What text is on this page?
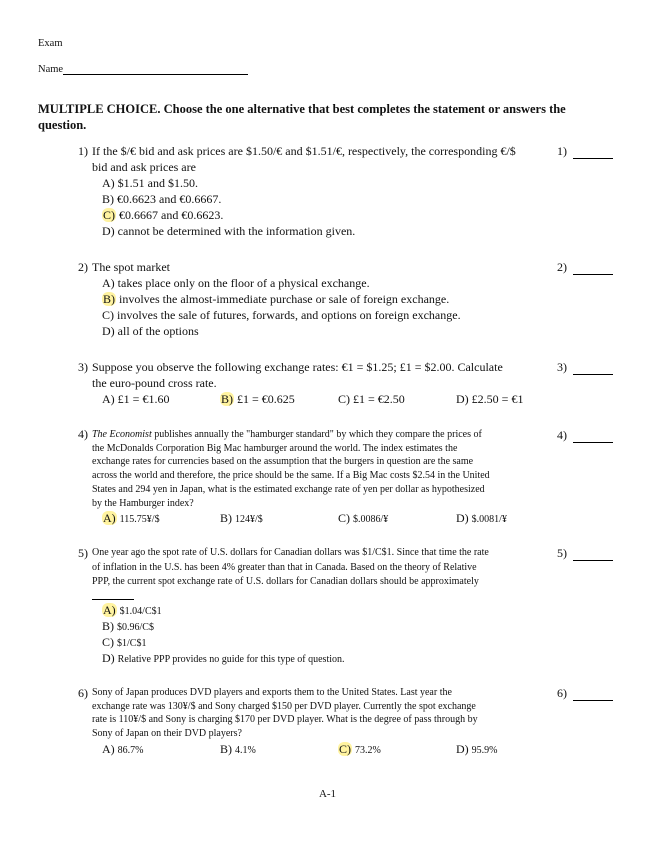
Exam
Name
MULTIPLE CHOICE. Choose the one alternative that best completes the statement or answers the question.
1) If the $/€ bid and ask prices are $1.50/€ and $1.51/€, respectively, the corresponding €/$
bid and ask prices are
1)
A) $1.51 and $1.50.
B) €0.6623 and €0.6667.
C) €0.6667 and €0.6623.
D) cannot be determined with the information given.
2) The spot market	2)
A) takes place only on the floor of a physical exchange.
B) involves the almost-immediate purchase or sale of foreign exchange.
C) involves the sale of futures, forwards, and options on foreign exchange.
D) all of the options
3) Suppose you observe the following exchange rates: €1 = $1.25; £1 = $2.00. Calculate
the euro-pound cross rate.
3)
A) £1 = €1.60	B) £1 = €0.625	C) £1 = €2.50	D) £2.50 = €1
4) The Economist publishes annually the "hamburger standard" by which they compare the prices of
the McDonalds Corporation Big Mac hamburger around the world. The index estimates the
exchange rates for currencies based on the assumption that the burgers in question are the same
across the world and therefore, the price should be the same. If a Big Mac costs $2.54 in the United
States and 294 yen in Japan, what is the estimated exchange rate of yen per dollar as hypothesized
by the Hamburger index?
4)
A) 115.75¥/$	B) 124¥/$	C) $.0086/¥	D) $.0081/¥
5) One year ago the spot rate of U.S. dollars for Canadian dollars was $1/C$1. Since that time the rate
of inflation in the U.S. has been 4% greater than that in Canada. Based on the theory of Relative
PPP, the current spot exchange rate of U.S. dollars for Canadian dollars should be approximately
5)
A) $1.04/C$1
B) $0.96/C$
C) $1/C$1
D) Relative PPP provides no guide for this type of question.
6) Sony of Japan produces DVD players and exports them to the United States. Last year the
exchange rate was 130¥/$ and Sony charged $150 per DVD player. Currently the spot exchange
rate is 110¥/$ and Sony is charging $170 per DVD player. What is the degree of pass through by
Sony of Japan on their DVD players?
6)
A) 86.7%	B) 4.1%	C) 73.2%	D) 95.9%
A-1
